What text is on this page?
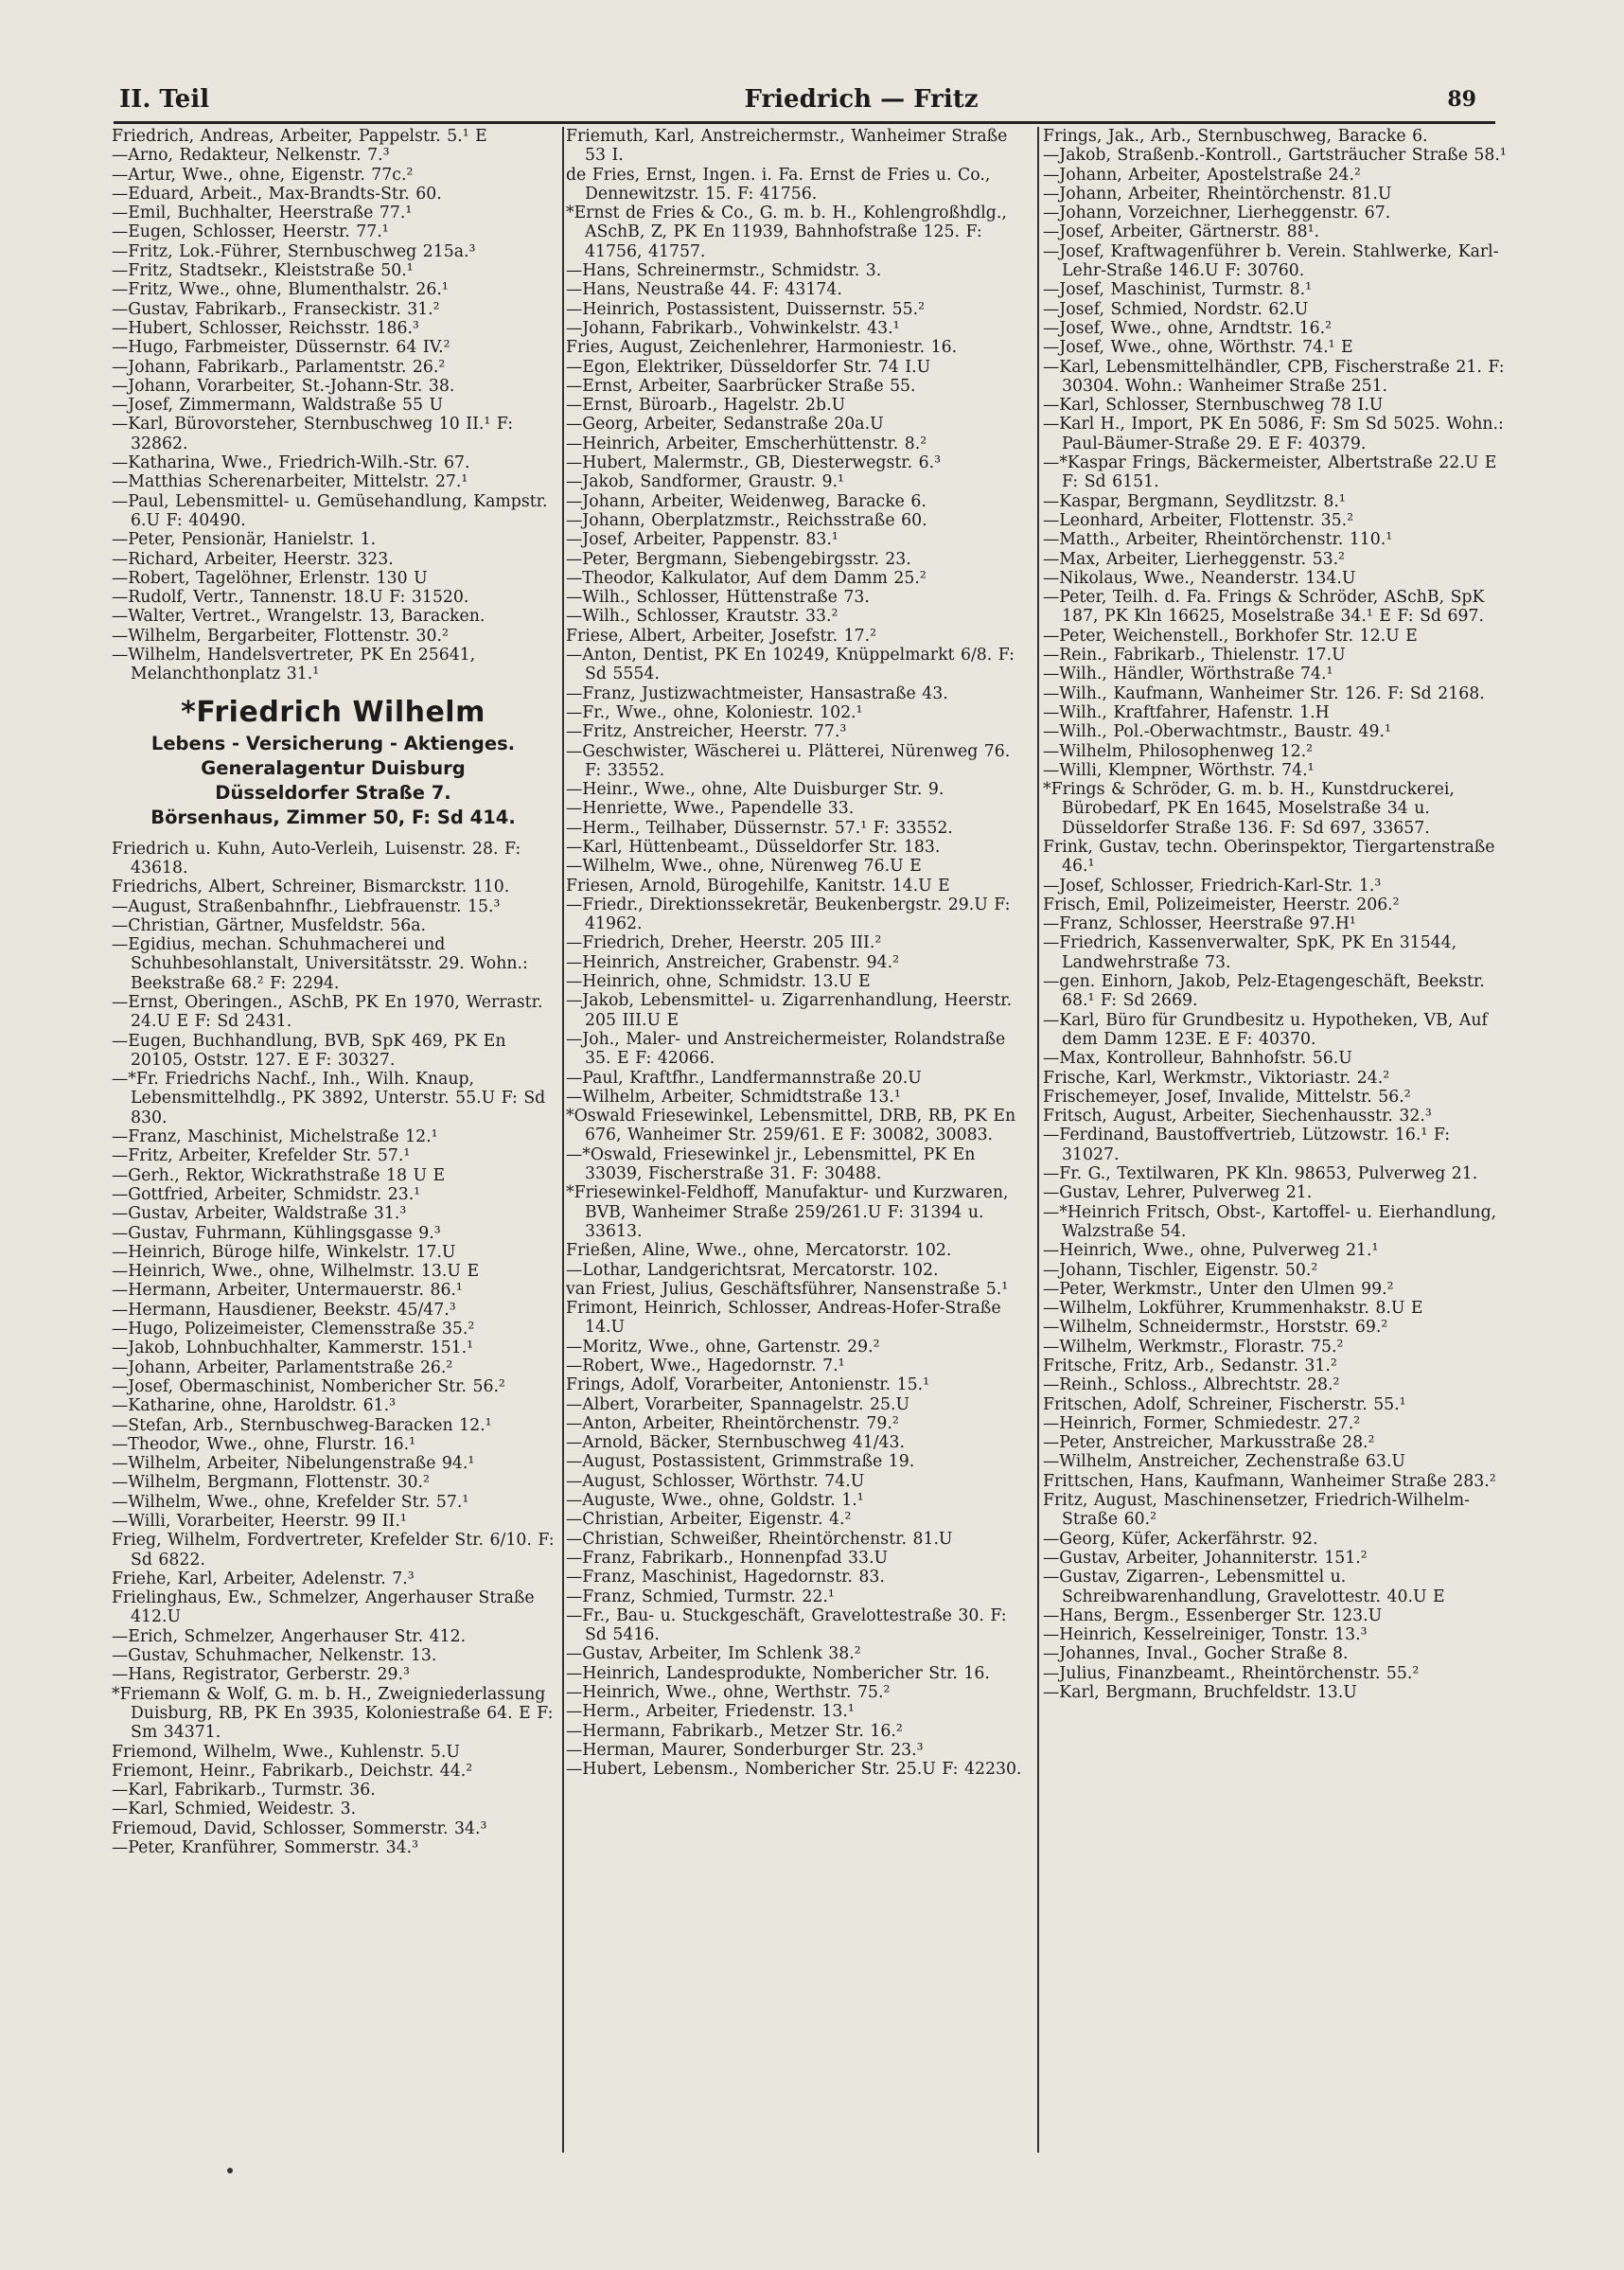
II. Teil	Friedrich — Fritz	89

Friedrich, Andreas, Arbeiter, Pappelstr. 5.¹ E

—Arno, Redakteur, Nelkenstr. 7.³

—Artur, Wwe., ohne, Eigenstr. 77c.²

—Eduard, Arbeit., Max-Brandts-Str. 60.

—Emil, Buchhalter, Heerstraße 77.¹

—Eugen, Schlosser, Heerstr. 77.¹

—Fritz, Lok.-Führer, Sternbuschweg 215a.³

—Fritz, Stadtsekr., Kleiststraße 50.¹

—Fritz, Wwe., ohne, Blumenthalstr. 26.¹

—Gustav, Fabrikarb., Franseckistr. 31.²

—Hubert, Schlosser, Reichsstr. 186.³

—Hugo, Farbmeister, Düssernstr. 64 IV.²

—Johann, Fabrikarb., Parlamentstr. 26.²

—Johann, Vorarbeiter, St.-Johann-Str. 38.

—Josef, Zimmermann, Waldstraße 55 U

—Karl, Bürovorsteher, Sternbuschweg 10 II.¹ F: 32862.

—Katharina, Wwe., Friedrich-Wilh.-Str. 67.

—Matthias Scherenarbeiter, Mittelstr. 27.¹

—Paul, Lebensmittel- u. Gemüsehandlung, Kampstr. 6.U F: 40490.

—Peter, Pensionär, Hanielstr. 1.

—Richard, Arbeiter, Heerstr. 323.

—Robert, Tagelöhner, Erlenstr. 130 U

—Rudolf, Vertr., Tannenstr. 18.U F: 31520.

—Walter, Vertret., Wrangelstr. 13, Baracken.

—Wilhelm, Bergarbeiter, Flottenstr. 30.²

—Wilhelm, Handelsvertreter, PK En 25641, Melanchthonplatz 31.¹

*Friedrich Wilhelm
Lebens - Versicherung - Aktienges.
Generalagentur Duisburg
Düsseldorfer Straße 7.
Börsenhaus, Zimmer 50, F: Sd 414.

Friedrich u. Kuhn, Auto-Verleih, Luisenstr. 28. F: 43618.

Friedrichs, Albert, Schreiner, Bismarckstr. 110.

—August, Straßenbahnfhr., Liebfrauenstr. 15.³

—Christian, Gärtner, Musfeldstr. 56a.

—Egidius, mechan. Schuhmacherei und Schuhbesohlanstalt, Universitätsstr. 29. Wohn.: Beekstraße 68.² F: 2294.

—Ernst, Oberingen., ASchB, PK En 1970, Werrastr. 24.U E F: Sd 2431.

—Eugen, Buchhandlung, BVB, SpK 469, PK En 20105, Oststr. 127. E F: 30327.

—*Fr. Friedrichs Nachf., Inh., Wilh. Knaup, Lebensmittelhdlg., PK 3892, Unterstr. 55.U F: Sd 830.

—Franz, Maschinist, Michelstraße 12.¹

—Fritz, Arbeiter, Krefelder Str. 57.¹

—Gerh., Rektor, Wickrathstraße 18 U E

—Gottfried, Arbeiter, Schmidstr. 23.¹

—Gustav, Arbeiter, Waldstraße 31.³

—Gustav, Fuhrmann, Kühlingsgasse 9.³

—Heinrich, Büroge hilfe, Winkelstr. 17.U

—Heinrich, Wwe., ohne, Wilhelmstr. 13.U E

—Hermann, Arbeiter, Untermauerstr. 86.¹

—Hermann, Hausdiener, Beekstr. 45/47.³

—Hugo, Polizeimeister, Clemensstraße 35.²

—Jakob, Lohnbuchhalter, Kammerstr. 151.¹

—Johann, Arbeiter, Parlamentstraße 26.²

—Josef, Obermaschinist, Nombericher Str. 56.²

—Katharine, ohne, Haroldstr. 61.³

—Stefan, Arb., Sternbuschweg-Baracken 12.¹

—Theodor, Wwe., ohne, Flurstr. 16.¹

—Wilhelm, Arbeiter, Nibelungenstraße 94.¹

—Wilhelm, Bergmann, Flottenstr. 30.²

—Wilhelm, Wwe., ohne, Krefelder Str. 57.¹

—Willi, Vorarbeiter, Heerstr. 99 II.¹

Frieg, Wilhelm, Fordvertreter, Krefelder Str. 6/10. F: Sd 6822.

Friehe, Karl, Arbeiter, Adelenstr. 7.³

Frielinghaus, Ew., Schmelzer, Angerhauser Straße 412.U

—Erich, Schmelzer, Angerhauser Str. 412.

—Gustav, Schuhmacher, Nelkenstr. 13.

—Hans, Registrator, Gerberstr. 29.³

*Friemann & Wolf, G. m. b. H., Zweigniederlassung Duisburg, RB, PK En 3935, Koloniestraße 64. E F: Sm 34371.

Friemond, Wilhelm, Wwe., Kuhlenstr. 5.U

Friemont, Heinr., Fabrikarb., Deichstr. 44.²

—Karl, Fabrikarb., Turmstr. 36.

—Karl, Schmied, Weidestr. 3.

Friemoud, David, Schlosser, Sommerstr. 34.³

—Peter, Kranführer, Sommerstr. 34.³

Friemuth, Karl, Anstreichermstr., Wanheimer Straße 53 I.

de Fries, Ernst, Ingen. i. Fa. Ernst de Fries u. Co., Dennewitzstr. 15. F: 41756.

*Ernst de Fries & Co., G. m. b. H., Kohlengroßhdlg., ASchB, Z, PK En 11939, Bahnhofstraße 125. F: 41756, 41757.

—Hans, Schreinermstr., Schmidstr. 3.

—Hans, Neustraße 44. F: 43174.

—Heinrich, Postassistent, Duissernstr. 55.²

—Johann, Fabrikarb., Vohwinkelstr. 43.¹

Fries, August, Zeichenlehrer, Harmoniestr. 16.

—Egon, Elektriker, Düsseldorfer Str. 74 I.U

—Ernst, Arbeiter, Saarbrücker Straße 55.

—Ernst, Büroarb., Hagelstr. 2b.U

—Georg, Arbeiter, Sedanstraße 20a.U

—Heinrich, Arbeiter, Emscherhüttenstr. 8.²

—Hubert, Malermstr., GB, Diesterwegstr. 6.³

—Jakob, Sandformer, Graustr. 9.¹

—Johann, Arbeiter, Weidenweg, Baracke 6.

—Johann, Oberplatzmstr., Reichsstraße 60.

—Josef, Arbeiter, Pappenstr. 83.¹

—Peter, Bergmann, Siebengebirgsstr. 23.

—Theodor, Kalkulator, Auf dem Damm 25.²

—Wilh., Schlosser, Hüttenstraße 73.

—Wilh., Schlosser, Krautstr. 33.²

Friese, Albert, Arbeiter, Josefstr. 17.²

—Anton, Dentist, PK En 10249, Knüppelmarkt 6/8. F: Sd 5554.

—Franz, Justizwachtmeister, Hansastraße 43.

—Fr., Wwe., ohne, Koloniestr. 102.¹

—Fritz, Anstreicher, Heerstr. 77.³

—Geschwister, Wäscherei u. Plätterei, Nürenweg 76. F: 33552.

—Heinr., Wwe., ohne, Alte Duisburger Str. 9.

—Henriette, Wwe., Papendelle 33.

—Herm., Teilhaber, Düssernstr. 57.¹ F: 33552.

—Karl, Hüttenbeamt., Düsseldorfer Str. 183.

—Wilhelm, Wwe., ohne, Nürenweg 76.U E

Friesen, Arnold, Bürogehilfe, Kanitstr. 14.U E

—Friedr., Direktionssekretär, Beukenbergstr. 29.U F: 41962.

—Friedrich, Dreher, Heerstr. 205 III.²

—Heinrich, Anstreicher, Grabenstr. 94.²

—Heinrich, ohne, Schmidstr. 13.U E

—Jakob, Lebensmittel- u. Zigarrenhandlung, Heerstr. 205 III.U E

—Joh., Maler- und Anstreichermeister, Rolandstraße 35. E F: 42066.

—Paul, Kraftfhr., Landfermannstraße 20.U

—Wilhelm, Arbeiter, Schmidtstraße 13.¹

*Oswald Friesewinkel, Lebensmittel, DRB, RB, PK En 676, Wanheimer Str. 259/61. E F: 30082, 30083.

—*Oswald, Friesewinkel jr., Lebensmittel, PK En 33039, Fischerstraße 31. F: 30488.

*Friesewinkel-Feldhoff, Manufaktur- und Kurzwaren, BVB, Wanheimer Straße 259/261.U F: 31394 u. 33613.

Frießen, Aline, Wwe., ohne, Mercatorstr. 102.

—Lothar, Landgerichtsrat, Mercatorstr. 102.

van Friest, Julius, Geschäftsführer, Nansenstraße 5.¹

Frimont, Heinrich, Schlosser, Andreas-Hofer-Straße 14.U

—Moritz, Wwe., ohne, Gartenstr. 29.²

—Robert, Wwe., Hagedornstr. 7.¹

Frings, Adolf, Vorarbeiter, Antonienstr. 15.¹

—Albert, Vorarbeiter, Spannagelstr. 25.U

—Anton, Arbeiter, Rheintörchenstr. 79.²

—Arnold, Bäcker, Sternbuschweg 41/43.

—August, Postassistent, Grimmstraße 19.

—August, Schlosser, Wörthstr. 74.U

—Auguste, Wwe., ohne, Goldstr. 1.¹

—Christian, Arbeiter, Eigenstr. 4.²

—Christian, Schweißer, Rheintörchenstr. 81.U

—Franz, Fabrikarb., Honnenpfad 33.U

—Franz, Maschinist, Hagedornstr. 83.

—Franz, Schmied, Turmstr. 22.¹

—Fr., Bau- u. Stuckgeschäft, Gravelottestraße 30. F: Sd 5416.

—Gustav, Arbeiter, Im Schlenk 38.²

—Heinrich, Landesprodukte, Nombericher Str. 16.

—Heinrich, Wwe., ohne, Werthstr. 75.²

—Herm., Arbeiter, Friedenstr. 13.¹

—Hermann, Fabrikarb., Metzer Str. 16.²

—Herman, Maurer, Sonderburger Str. 23.³

—Hubert, Lebensm., Nombericher Str. 25.U F: 42230.

Frings, Jak., Arb., Sternbuschweg, Baracke 6.

—Jakob, Straßenb.-Kontroll., Gartsträucher Straße 58.¹

—Johann, Arbeiter, Apostelstraße 24.²

—Johann, Arbeiter, Rheintörchenstr. 81.U

—Johann, Vorzeichner, Lierheggenstr. 67.

—Josef, Arbeiter, Gärtnerstr. 88¹.

—Josef, Kraftwagenführer b. Verein. Stahlwerke, Karl-Lehr-Straße 146.U F: 30760.

—Josef, Maschinist, Turmstr. 8.¹

—Josef, Schmied, Nordstr. 62.U

—Josef, Wwe., ohne, Arndtstr. 16.²

—Josef, Wwe., ohne, Wörthstr. 74.¹ E

—Karl, Lebensmittelhändler, CPB, Fischerstraße 21. F: 30304. Wohn.: Wanheimer Straße 251.

—Karl, Schlosser, Sternbuschweg 78 I.U

—Karl H., Import, PK En 5086, F: Sm Sd 5025. Wohn.: Paul-Bäumer-Straße 29. E F: 40379.

—*Kaspar Frings, Bäckermeister, Albertstraße 22.U E F: Sd 6151.

—Kaspar, Bergmann, Seydlitzstr. 8.¹

—Leonhard, Arbeiter, Flottenstr. 35.²

—Matth., Arbeiter, Rheintörchenstr. 110.¹

—Max, Arbeiter, Lierheggenstr. 53.²

—Nikolaus, Wwe., Neanderstr. 134.U

—Peter, Teilh. d. Fa. Frings & Schröder, ASchB, SpK 187, PK Kln 16625, Moselstraße 34.¹ E F: Sd 697.

—Peter, Weichenstell., Borkhofer Str. 12.U E

—Rein., Fabrikarb., Thielenstr. 17.U

—Wilh., Händler, Wörthstraße 74.¹

—Wilh., Kaufmann, Wanheimer Str. 126. F: Sd 2168.

—Wilh., Kraftfahrer, Hafenstr. 1.H

—Wilh., Pol.-Oberwachtmstr., Baustr. 49.¹

—Wilhelm, Philosophenweg 12.²

—Willi, Klempner, Wörthstr. 74.¹

*Frings & Schröder, G. m. b. H., Kunstdruckerei, Bürobedarf, PK En 1645, Moselstraße 34 u. Düsseldorfer Straße 136. F: Sd 697, 33657.

Frink, Gustav, techn. Oberinspektor, Tiergartenstraße 46.¹

—Josef, Schlosser, Friedrich-Karl-Str. 1.³

Frisch, Emil, Polizeimeister, Heerstr. 206.²

—Franz, Schlosser, Heerstraße 97.H¹

—Friedrich, Kassenverwalter, SpK, PK En 31544, Landwehrstraße 73.

—gen. Einhorn, Jakob, Pelz-Etagengeschäft, Beekstr. 68.¹ F: Sd 2669.

—Karl, Büro für Grundbesitz u. Hypotheken, VB, Auf dem Damm 123E. E F: 40370.

—Max, Kontrolleur, Bahnhofstr. 56.U

Frische, Karl, Werkmstr., Viktoriastr. 24.²

Frischemeyer, Josef, Invalide, Mittelstr. 56.²

Fritsch, August, Arbeiter, Siechenhausstr. 32.³

—Ferdinand, Baustoffvertrieb, Lützowstr. 16.¹ F: 31027.

—Fr. G., Textilwaren, PK Kln. 98653, Pulverweg 21.

—Gustav, Lehrer, Pulverweg 21.

—*Heinrich Fritsch, Obst-, Kartoffel- u. Eierhandlung, Walzstraße 54.

—Heinrich, Wwe., ohne, Pulverweg 21.¹

—Johann, Tischler, Eigenstr. 50.²

—Peter, Werkmstr., Unter den Ulmen 99.²

—Wilhelm, Lokführer, Krummenhakstr. 8.U E

—Wilhelm, Schneidermstr., Horststr. 69.²

—Wilhelm, Werkmstr., Florastr. 75.²

Fritsche, Fritz, Arb., Sedanstr. 31.²

—Reinh., Schloss., Albrechtstr. 28.²

Fritschen, Adolf, Schreiner, Fischerstr. 55.¹

—Heinrich, Former, Schmiedestr. 27.²

—Peter, Anstreicher, Markusstraße 28.²

—Wilhelm, Anstreicher, Zechenstraße 63.U

Frittschen, Hans, Kaufmann, Wanheimer Straße 283.²

Fritz, August, Maschinensetzer, Friedrich-Wilhelm-Straße 60.²

—Georg, Küfer, Ackerfährstr. 92.

—Gustav, Arbeiter, Johanniterstr. 151.²

—Gustav, Zigarren-, Lebensmittel u. Schreibwarenhandlung, Gravelottestr. 40.U E

—Hans, Bergm., Essenberger Str. 123.U

—Heinrich, Kesselreiniger, Tonstr. 13.³

—Johannes, Inval., Gocher Straße 8.

—Julius, Finanzbeamt., Rheintörchenstr. 55.²

—Karl, Bergmann, Bruchfeldstr. 13.U
